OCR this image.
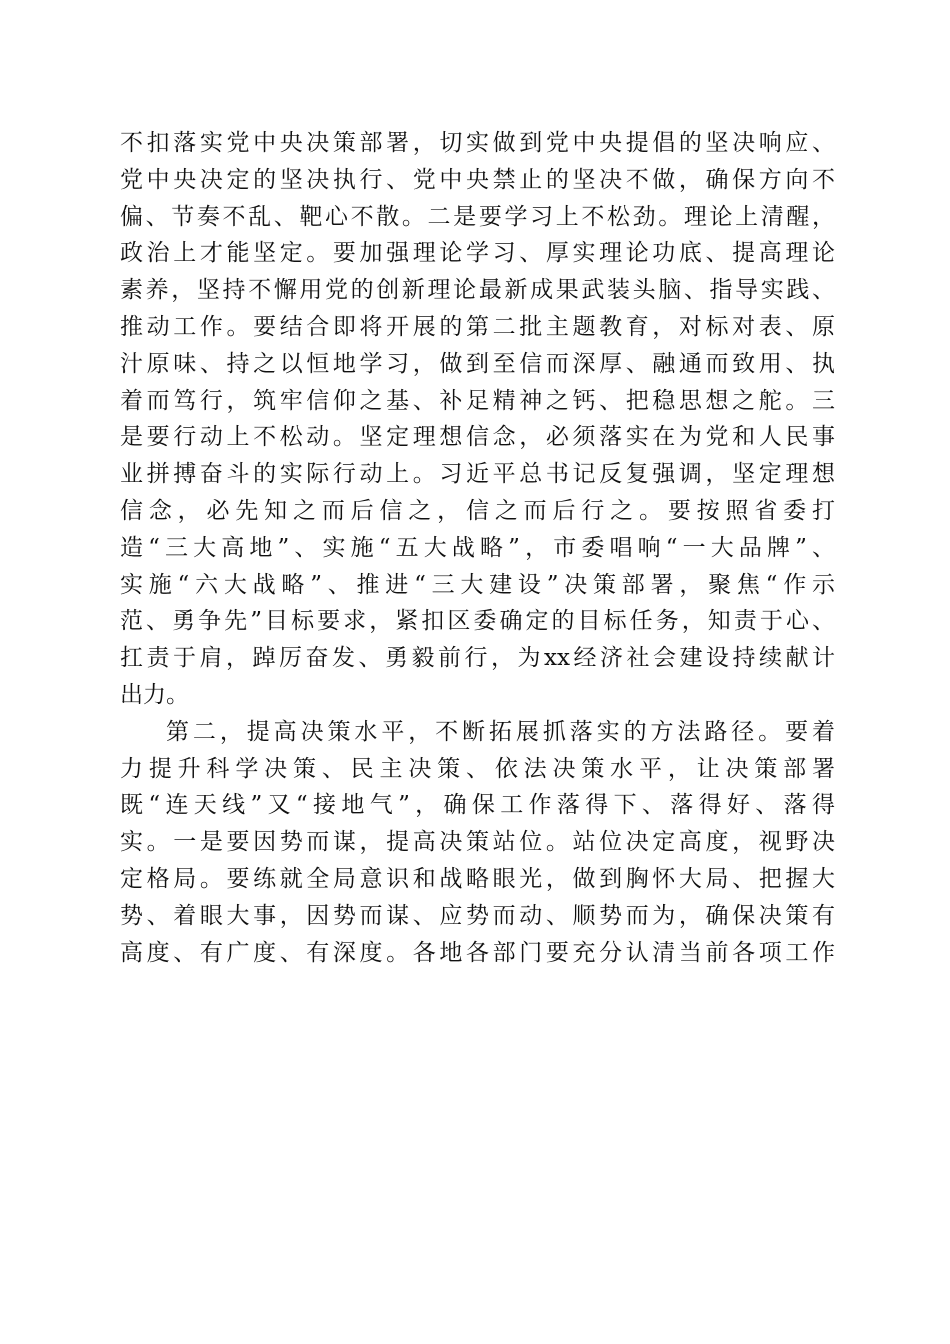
不扣落实党中央决策部署，切实做到党中央提倡的坚决响应、
党中央决定的坚决执行、党中央禁止的坚决不做，确保方向不
偏、节奏不乱、靶心不散。二是要学习上不松劲。理论上清醒，
政治上才能坚定。要加强理论学习、厚实理论功底、提高理论
素养，坚持不懈用党的创新理论最新成果武装头脑、指导实践、
推动工作。要结合即将开展的第二批主题教育，对标对表、原
汁原味、持之以恒地学习，做到至信而深厚、融通而致用、执
着而笃行，筑牢信仰之基、补足精神之钙、把稳思想之舵。三
是要行动上不松动。坚定理想信念，必须落实在为党和人民事
业拼搏奋斗的实际行动上。习近平总书记反复强调，坚定理想
信念，必先知之而后信之，信之而后行之。要按照省委打
造“三大高地”、实施“五大战略”，市委唱响“一大品牌”、
实施“六大战略”、推进“三大建设”决策部署，聚焦“作示
范、勇争先”目标要求，紧扣区委确定的目标任务，知责于心、
扛责于肩，踔厉奋发、勇毅前行，为xx经济社会建设持续献计
出力。
第二，提高决策水平，不断拓展抓落实的方法路径。要着
力提升科学决策、民主决策、依法决策水平，让决策部署
既“连天线”又“接地气”，确保工作落得下、落得好、落得
实。一是要因势而谋，提高决策站位。站位决定高度，视野决
定格局。要练就全局意识和战略眼光，做到胸怀大局、把握大
势、着眼大事，因势而谋、应势而动、顺势而为，确保决策有
高度、有广度、有深度。各地各部门要充分认清当前各项工作
